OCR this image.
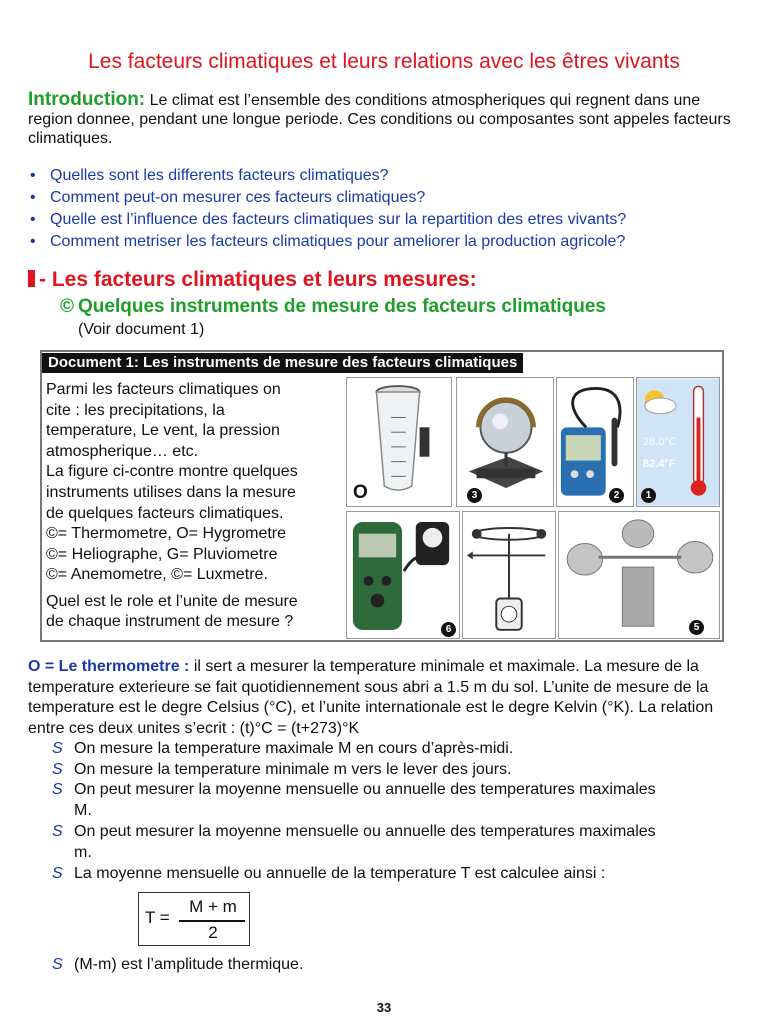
Les facteurs climatiques et leurs relations avec les êtres vivants
Introduction: Le climat est l’ensemble des conditions atmospheriques qui regnent dans une region donnee, pendant une longue periode. Ces conditions ou composantes sont appeles facteurs climatiques.
• Quelles sont les differents facteurs climatiques?
• Comment peut-on mesurer ces facteurs climatiques?
• Quelle est l’influence des facteurs climatiques sur la repartition des etres vivants?
• Comment metriser les facteurs climatiques pour ameliorer la production agricole?
- Les facteurs climatiques et leurs mesures:
© Quelques instruments de mesure des facteurs climatiques
(Voir document 1)
Document 1: Les instruments de mesure des facteurs climatiques
Parmi les facteurs climatiques on
cite : les precipitations, la
temperature, Le vent, la pression
atmospherique… etc.
La figure ci-contre montre quelques
instruments utilises dans la mesure
de quelques facteurs climatiques.
©= Thermometre, O= Hygrometre
©= Heliographe, G= Pluviometre
©= Anemometre, ©= Luxmetre.
Quel est le role et l’unite de mesure
de chaque instrument de mesure ?
O	3	2
28.0°C
82.4°F
1
6	5
O = Le thermometre : il sert a mesurer la temperature minimale et maximale. La mesure de la temperature exterieure se fait quotidiennement sous abri a 1.5 m du sol. L’unite de mesure de la temperature est le degre Celsius (°C), et l’unite internationale est le degre Kelvin (°K). La relation entre ces deux unites s’ecrit : (t)°C = (t+273)°K
S On mesure la temperature maximale M en cours d’après-midi.
S On mesure la temperature minimale m vers le lever des jours.
S On peut mesurer la moyenne mensuelle ou annuelle des temperatures maximales M.
S On peut mesurer la moyenne mensuelle ou annuelle des temperatures maximales m.
S La moyenne mensuelle ou annuelle de la temperature T est calculee ainsi :
T =
M + m
2
S (M-m) est l’amplitude thermique.
33
